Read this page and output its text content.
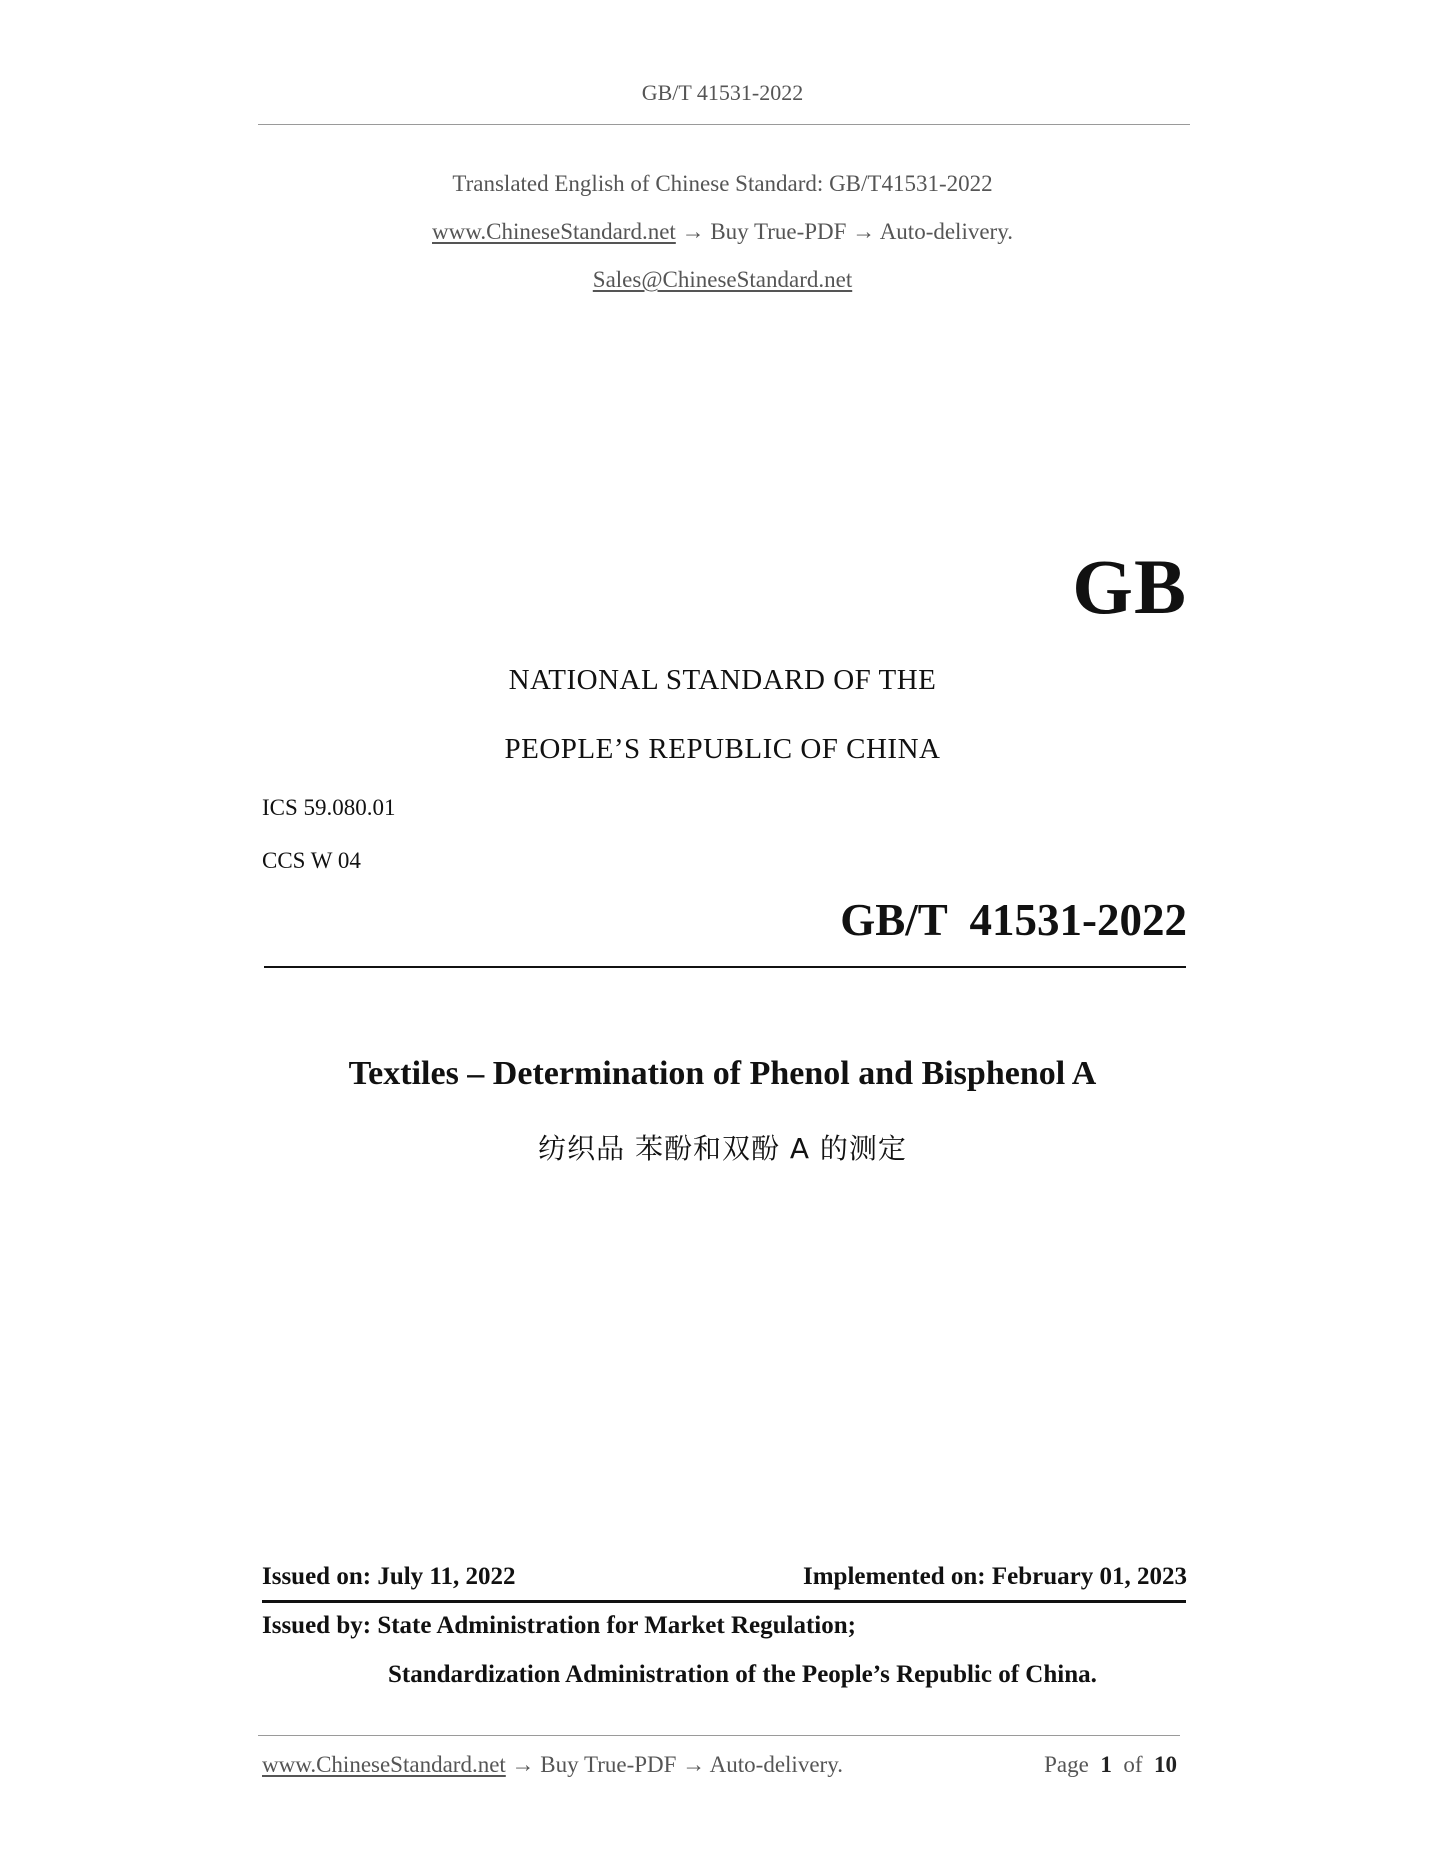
GB/T 41531-2022
Translated English of Chinese Standard: GB/T41531-2022
www.ChineseStandard.net → Buy True-PDF → Auto-delivery.
Sales@ChineseStandard.net
GB
NATIONAL STANDARD OF THE
PEOPLE’S REPUBLIC OF CHINA
ICS 59.080.01
CCS W 04
GB/T  41531-2022
Textiles – Determination of Phenol and Bisphenol A
纺织品 苯酚和双酚 A 的测定
Issued on: July 11, 2022	Implemented on: February 01, 2023
Issued by: State Administration for Market Regulation;
Standardization Administration of the People’s Republic of China.
www.ChineseStandard.net → Buy True-PDF → Auto-delivery.	Page 1 of 10
